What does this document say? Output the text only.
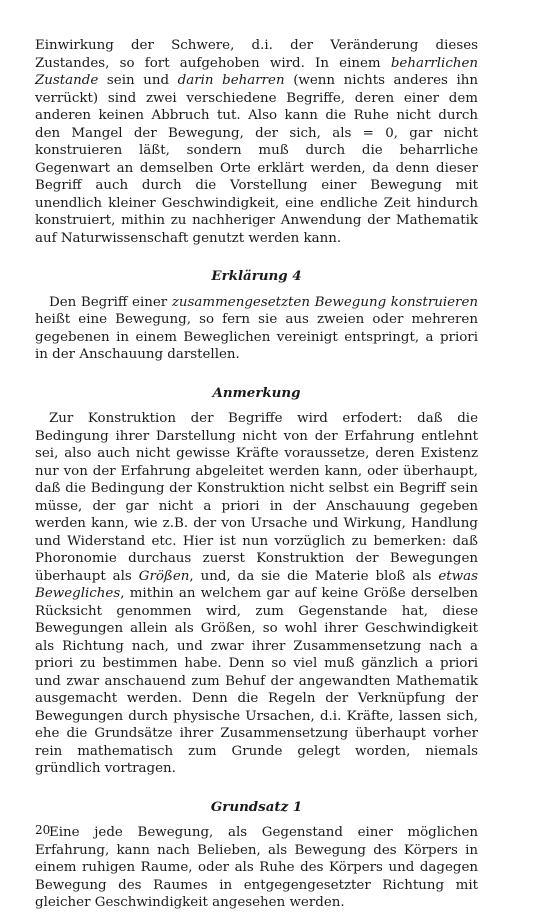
Einwirkung der Schwere, d.i. der Veränderung dieses Zustandes, so fort aufgehoben wird. In einem beharrlichen Zustande sein und darin beharren (wenn nichts anderes ihn verrückt) sind zwei verschiedene Begriffe, deren einer dem anderen keinen Abbruch tut. Also kann die Ruhe nicht durch den Mangel der Bewegung, der sich, als = 0, gar nicht konstruieren läßt, sondern muß durch die beharrliche Gegenwart an demselben Orte erklärt werden, da denn dieser Begriff auch durch die Vorstellung einer Bewegung mit unendlich kleiner Geschwindigkeit, eine endliche Zeit hindurch konstruiert, mithin zu nachheriger Anwendung der Mathematik auf Naturwissenschaft genutzt werden kann.

Erklärung 4

Den Begriff einer zusammengesetzten Bewegung konstruieren heißt eine Bewegung, so fern sie aus zweien oder mehreren gegebenen in einem Beweglichen vereinigt entspringt, a priori in der Anschauung darstellen.

Anmerkung

Zur Konstruktion der Begriffe wird erfodert: daß die Bedingung ihrer Darstellung nicht von der Erfahrung entlehnt sei, also auch nicht gewisse Kräfte voraussetze, deren Existenz nur von der Erfahrung abgeleitet werden kann, oder überhaupt, daß die Bedingung der Konstruktion nicht selbst ein Begriff sein müsse, der gar nicht a priori in der Anschauung gegeben werden kann, wie z.B. der von Ursache und Wirkung, Handlung und Widerstand etc. Hier ist nun vorzüglich zu bemerken: daß Phoronomie durchaus zuerst Konstruktion der Bewegungen überhaupt als Größen, und, da sie die Materie bloß als etwas Bewegliches, mithin an welchem gar auf keine Größe derselben Rücksicht genommen wird, zum Gegenstande hat, diese Bewegungen allein als Größen, so wohl ihrer Geschwindigkeit als Richtung nach, und zwar ihrer Zusammensetzung nach a priori zu bestimmen habe. Denn so viel muß gänzlich a priori und zwar anschauend zum Behuf der angewandten Mathematik ausgemacht werden. Denn die Regeln der Verknüpfung der Bewegungen durch physische Ursachen, d.i. Kräfte, lassen sich, ehe die Grundsätze ihrer Zusammensetzung überhaupt vorher rein mathematisch zum Grunde gelegt worden, niemals gründlich vortragen.

Grundsatz 1

Eine jede Bewegung, als Gegenstand einer möglichen Erfahrung, kann nach Belieben, als Bewegung des Körpers in einem ruhigen Raume, oder als Ruhe des Körpers und dagegen Bewegung des Raumes in entgegengesetzter Richtung mit gleicher Geschwindigkeit angesehen werden.

20
